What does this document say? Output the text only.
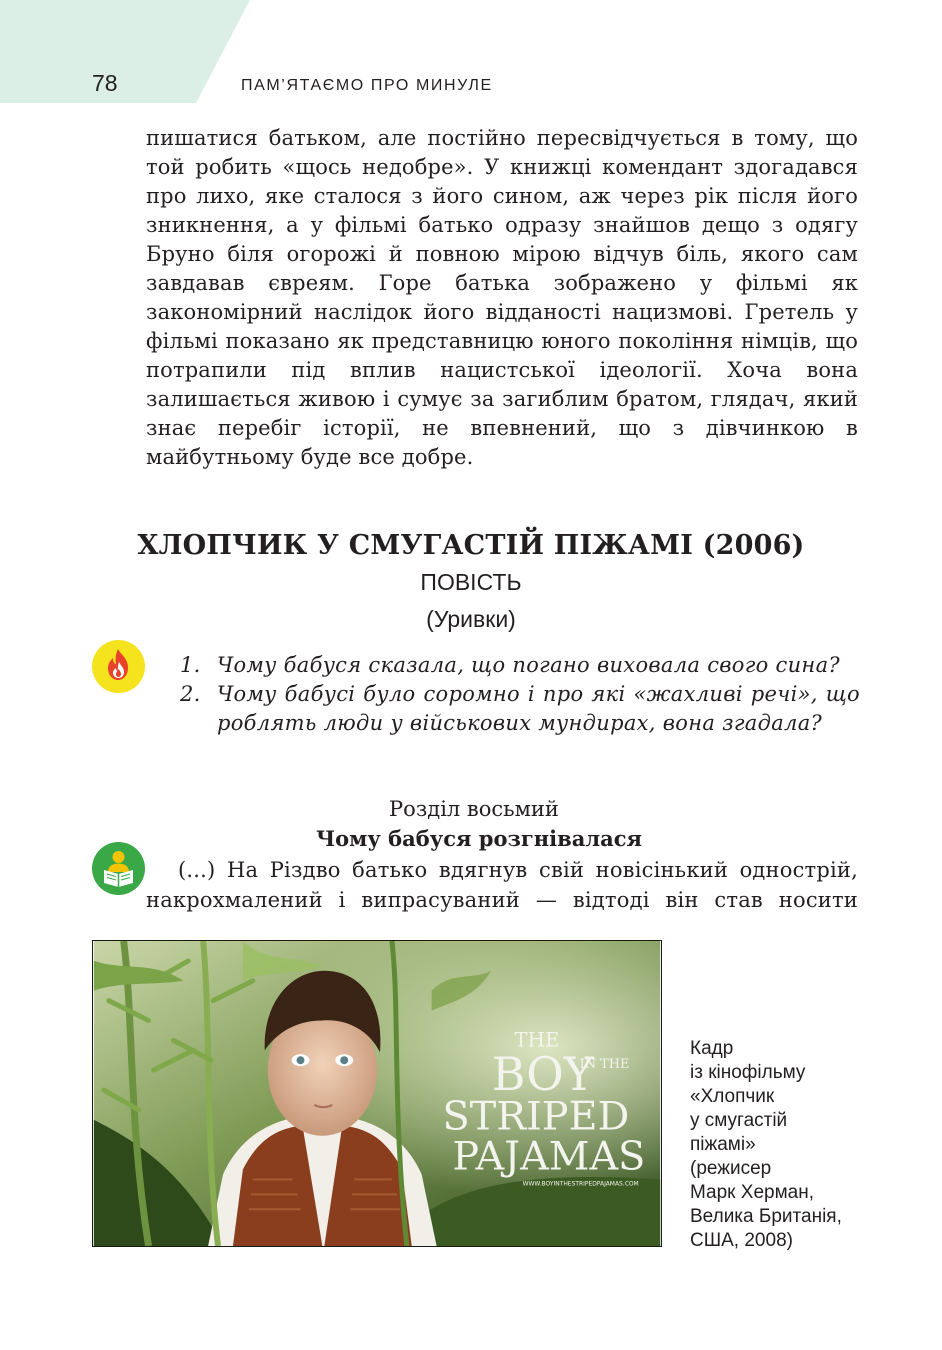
78	ПАМ’ЯТАЄМО ПРО МИНУЛЕ

пишатися батьком, але постійно пересвідчується в тому, що той робить «щось недобре». У книжці комендант здогадався про лихо, яке сталося з його сином, аж через рік після його зникнення, а у фільмі батько одразу знайшов дещо з одягу Бруно біля огорожі й повною мірою відчув біль, якого сам завдавав євреям. Горе батька зображено у фільмі як закономірний наслідок його відданості нацизмові. Гретель у фільмі показано як представницю юного покоління німців, що потрапили під вплив нацистської ідеології. Хоча вона залишається живою і сумує за загиблим братом, глядач, який знає перебіг історії, не впевнений, що з дівчинкою в майбутньому буде все добре.

ХЛОПЧИК У СМУГАСТІЙ ПІЖАМІ (2006)
ПОВІСТЬ
(Уривки)
1. Чому бабуся сказала, що погано виховала свого сина?
2. Чому бабусі було соромно і про які «жахливі речі», що роблять люди у військових мундирах, вона згадала?
Розділ восьмий
Чому бабуся розгнівалася

(...) На Різдво батько вдягнув свій новісінький однострій, накрохмалений і випрасуваний — відтоді він став носити

THE
BOY
IN THE
STRIPED
PAJAMAS
WWW.BOYINTHESTRIPEDPAJAMAS.COM
Кадр
із кінофільму
«Хлопчик
у смугастій
піжамі»
(режисер
Марк Херман,
Велика Британія,
США, 2008)
